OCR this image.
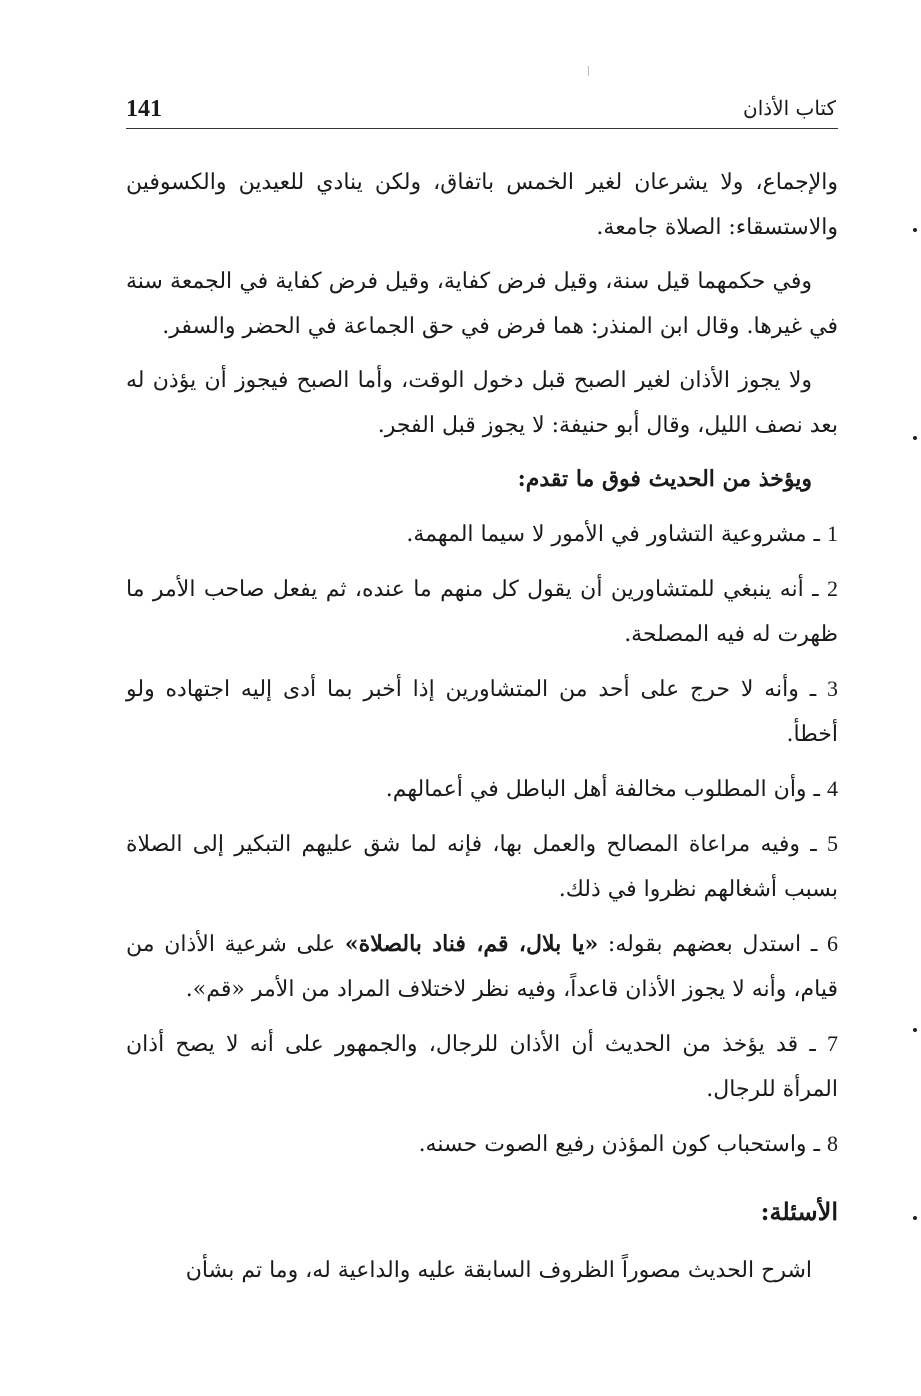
141	كتاب الأذان

والإجماع، ولا يشرعان لغير الخمس باتفاق، ولكن ينادي للعيدين والكسوفين والاستسقاء: الصلاة جامعة.

وفي حكمهما قيل سنة، وقيل فرض كفاية، وقيل فرض كفاية في الجمعة سنة في غيرها. وقال ابن المنذر: هما فرض في حق الجماعة في الحضر والسفر.

ولا يجوز الأذان لغير الصبح قبل دخول الوقت، وأما الصبح فيجوز أن يؤذن له بعد نصف الليل، وقال أبو حنيفة: لا يجوز قبل الفجر.

ويؤخذ من الحديث فوق ما تقدم:

1 ـ مشروعية التشاور في الأمور لا سيما المهمة.

2 ـ أنه ينبغي للمتشاورين أن يقول كل منهم ما عنده، ثم يفعل صاحب الأمر ما ظهرت له فيه المصلحة.

3 ـ وأنه لا حرج على أحد من المتشاورين إذا أخبر بما أدى إليه اجتهاده ولو أخطأ.

4 ـ وأن المطلوب مخالفة أهل الباطل في أعمالهم.

5 ـ وفيه مراعاة المصالح والعمل بها، فإنه لما شق عليهم التبكير إلى الصلاة بسبب أشغالهم نظروا في ذلك.

6 ـ استدل بعضهم بقوله: «يا بلال، قم، فناد بالصلاة» على شرعية الأذان من قيام، وأنه لا يجوز الأذان قاعداً، وفيه نظر لاختلاف المراد من الأمر «قم».

7 ـ قد يؤخذ من الحديث أن الأذان للرجال، والجمهور على أنه لا يصح أذان المرأة للرجال.

8 ـ واستحباب كون المؤذن رفيع الصوت حسنه.

الأسئلة:

اشرح الحديث مصوراً الظروف السابقة عليه والداعية له، وما تم بشأن
